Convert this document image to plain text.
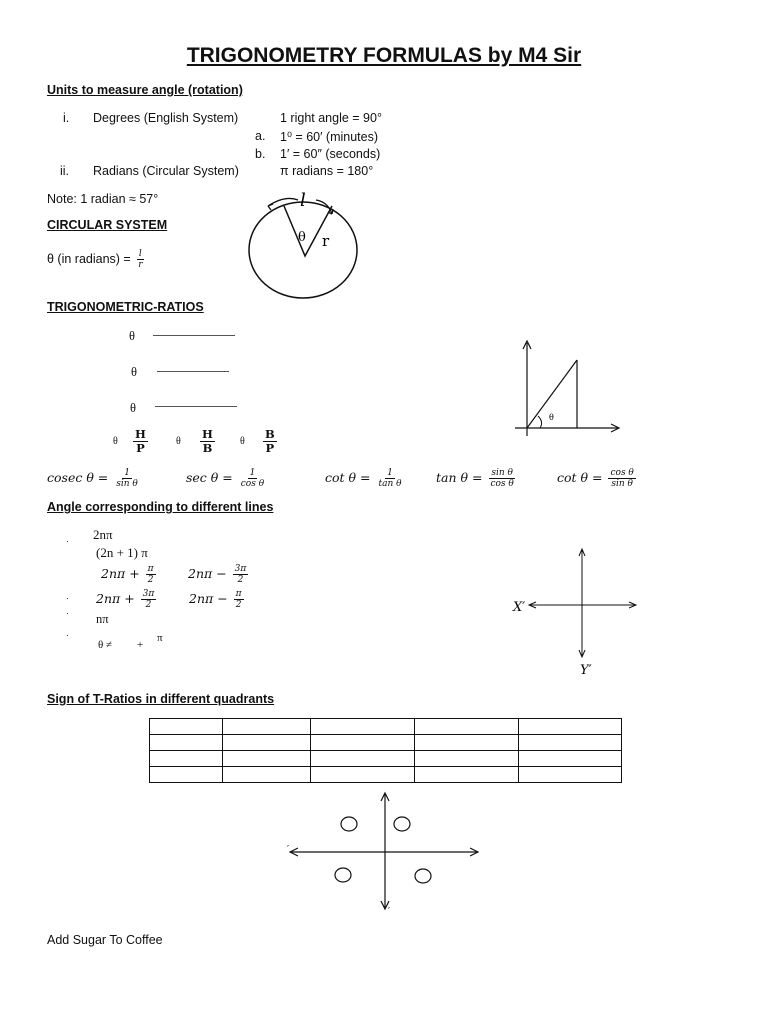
TRIGONOMETRY FORMULAS by M4 Sir
Units to measure angle (rotation)
i. Degrees (English System)	1 right angle = 90°
a. 1⁰ = 60′ (minutes)
b. 1′ = 60″ (seconds)
ii. Radians (Circular System)	π radians = 180°
Note: 1 radian ≈ 57°
CIRCULAR SYSTEM
θ (in radians) = $\frac{l}{r}$
l
θ r
TRIGONOMETRIC-RATIOS
θ
θ
θ
θ $\frac{H}{P}$	θ $\frac{H}{B}$	θ $\frac{B}{P}$
θ
cosec $\theta = \frac{1}{\text{sin θ}}$	$\sec \theta = \frac{1}{\text{cos θ}}$	$\cot \theta = \frac{1}{\text{tan θ}}$	$\tan \theta = \frac{\text{sin θ}}{\text{cos θ}}$	$\cot \theta = \frac{\text{cos θ}}{\text{sin θ}}$
Angle corresponding to different lines
· 2nπ
(2n + 1) π
$2n\pi + \frac{\pi}{2}$	$2n\pi - \frac{3\pi}{2}$
· $2n\pi + \frac{3\pi}{2}$	$2n\pi - \frac{\pi}{2}$
· nπ
·
θ ≠ +
π
X′
Y′
Sign of T-Ratios in different quadrants

′
′
Add Sugar To Coffee
